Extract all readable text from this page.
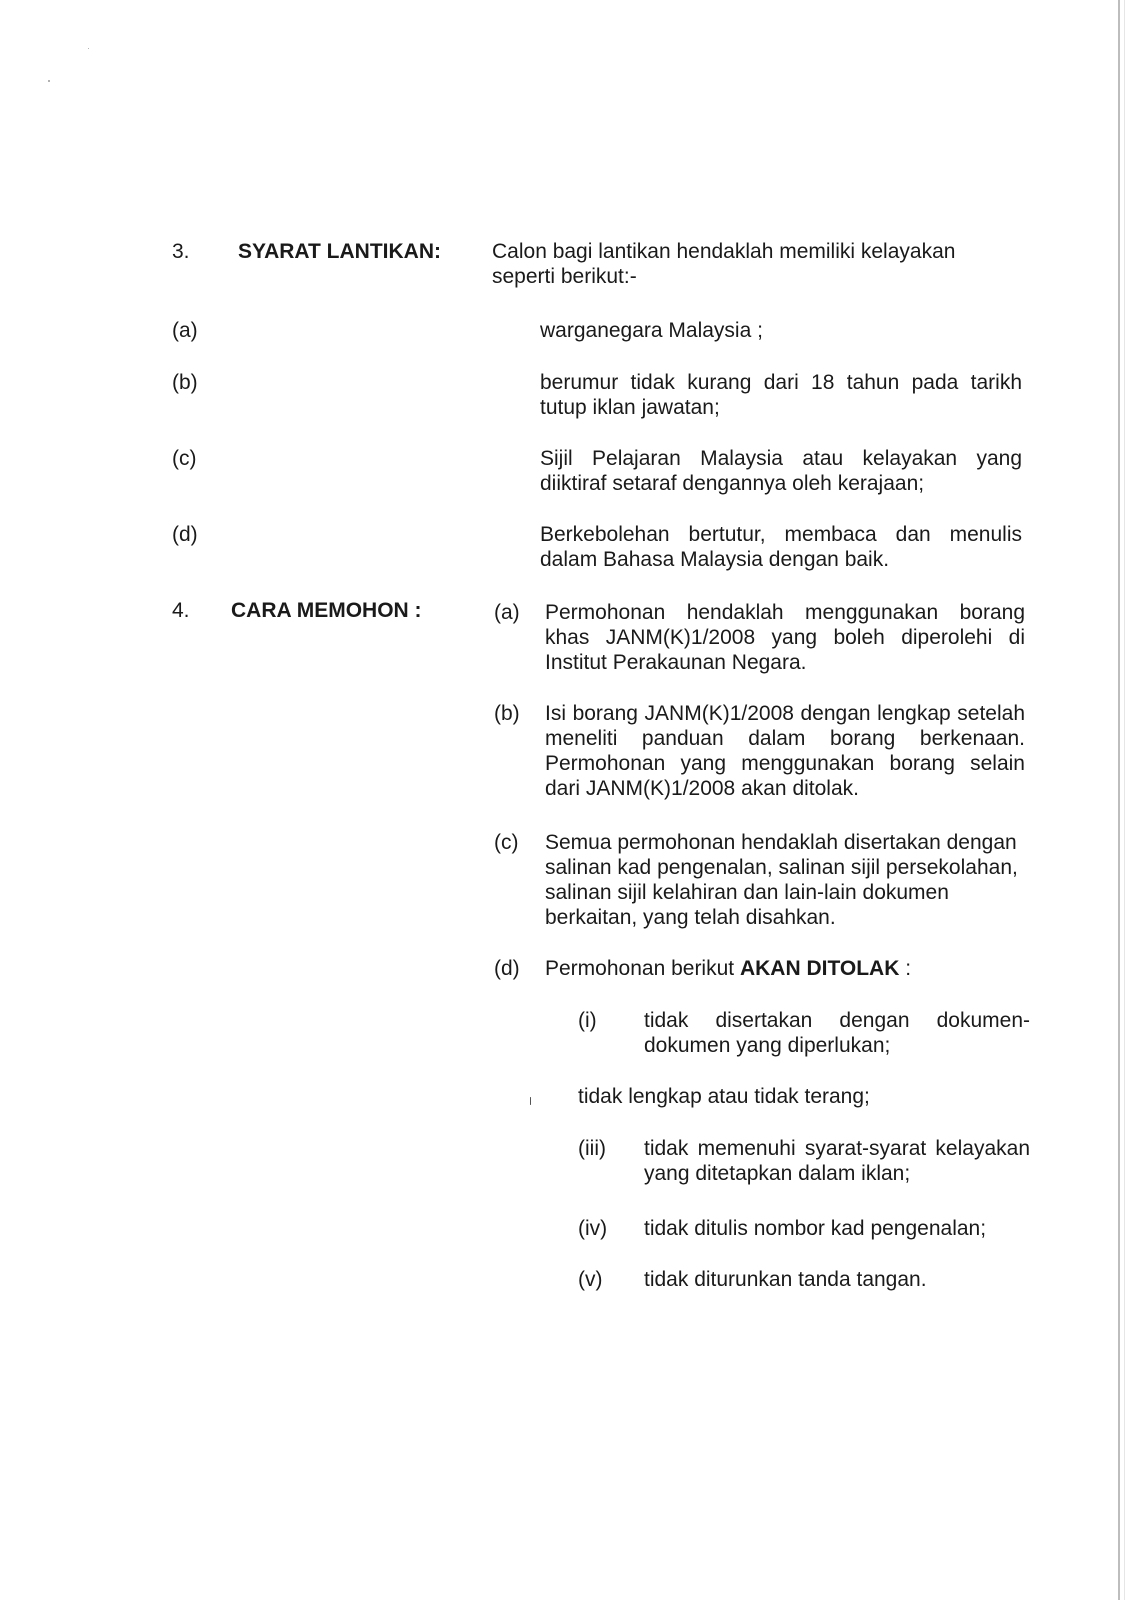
3. SYARAT LANTIKAN: Calon bagi lantikan hendaklah memiliki kelayakan seperti berikut:-
(a)	warganegara Malaysia ;
(b)	berumur tidak kurang dari 18 tahun pada tarikh tutup iklan jawatan;
(c)	Sijil Pelajaran Malaysia atau kelayakan yang diiktiraf setaraf dengannya oleh kerajaan;
(d)	Berkebolehan bertutur, membaca dan menulis dalam Bahasa Malaysia dengan baik.
4. CARA MEMOHON :	(a) Permohonan hendaklah menggunakan borang khas JANM(K)1/2008 yang boleh diperolehi di Institut Perakaunan Negara.
(b) Isi borang JANM(K)1/2008 dengan lengkap setelah meneliti panduan dalam borang berkenaan. Permohonan yang menggunakan borang selain dari JANM(K)1/2008 akan ditolak.
(c) Semua permohonan hendaklah disertakan dengan salinan kad pengenalan, salinan sijil persekolahan, salinan sijil kelahiran dan lain-lain dokumen berkaitan, yang telah disahkan.
(d) Permohonan berikut AKAN DITOLAK :
(i) tidak disertakan dengan dokumen-dokumen yang diperlukan;
tidak lengkap atau tidak terang;
(iii) tidak memenuhi syarat-syarat kelayakan yang ditetapkan dalam iklan;
(iv) tidak ditulis nombor kad pengenalan;
(v) tidak diturunkan tanda tangan.
